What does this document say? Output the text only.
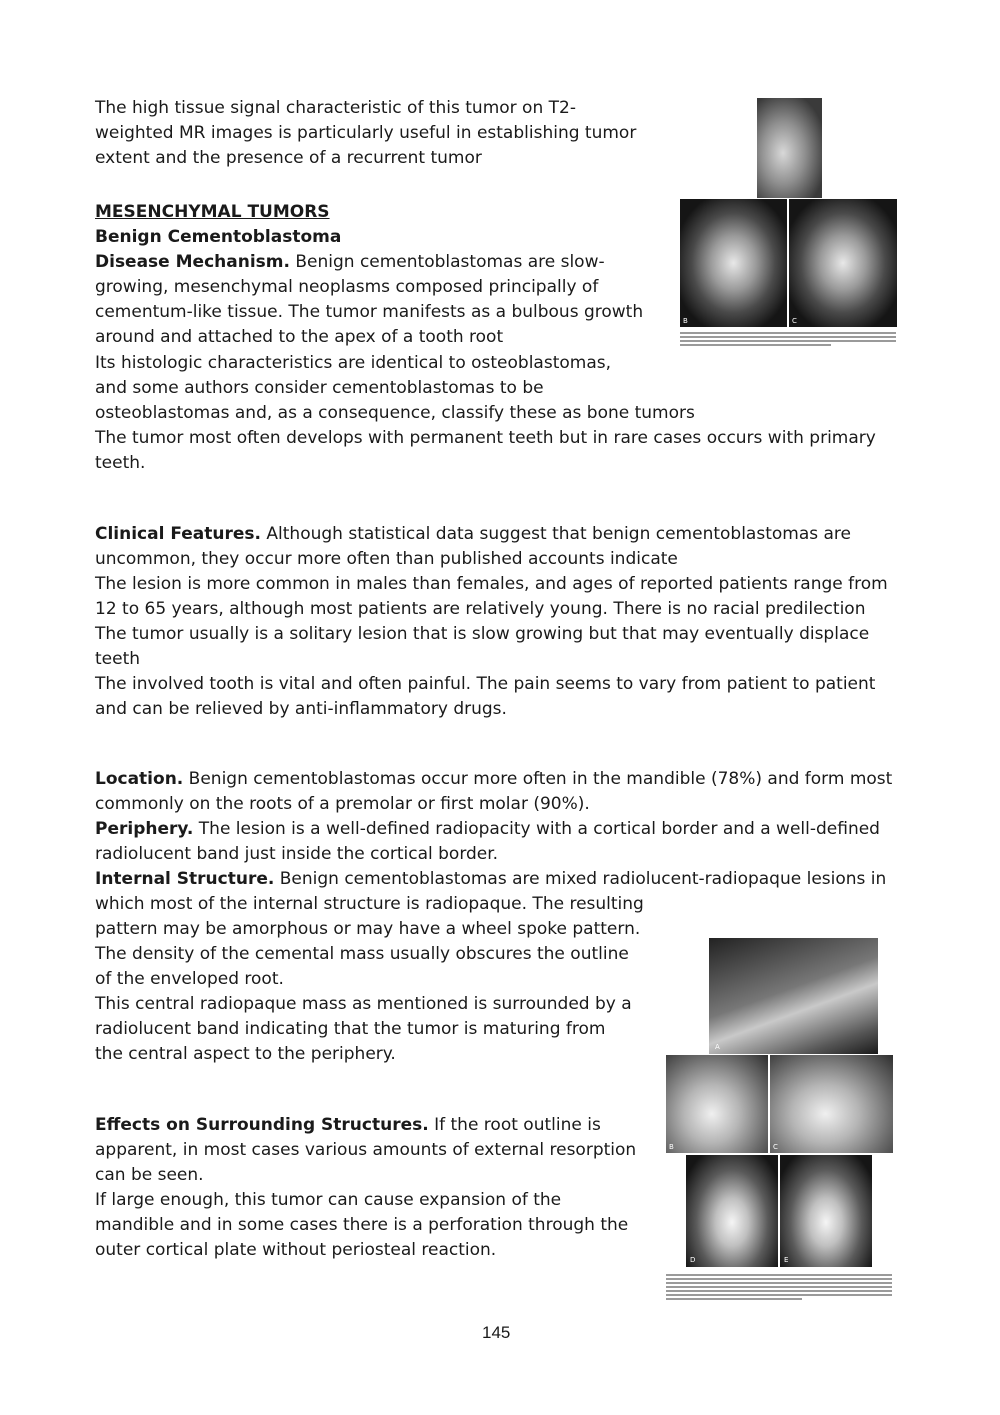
The high tissue signal characteristic of this tumor on T2-
weighted MR images is particularly useful in establishing tumor
extent and the presence of a recurrent tumor
MESENCHYMAL TUMORS
Benign Cementoblastoma
Disease Mechanism. Benign cementoblastomas are slow-
growing, mesenchymal neoplasms composed principally of
cementum-like tissue. The tumor manifests as a bulbous growth
around and attached to the apex of a tooth root
Its histologic characteristics are identical to osteoblastomas,
and some authors consider cementoblastomas to be
osteoblastomas and, as a consequence, classify these as bone tumors
The tumor most often develops with permanent teeth but in rare cases occurs with primary
teeth.
Clinical Features. Although statistical data suggest that benign cementoblastomas are
uncommon, they occur more often than published accounts indicate
The lesion is more common in males than females, and ages of reported patients range from
12 to 65 years, although most patients are relatively young. There is no racial predilection
The tumor usually is a solitary lesion that is slow growing but that may eventually displace
teeth
The involved tooth is vital and often painful. The pain seems to vary from patient to patient
and can be relieved by anti-inflammatory drugs.
Location. Benign cementoblastomas occur more often in the mandible (78%) and form most
commonly on the roots of a premolar or first molar (90%).
Periphery. The lesion is a well-defined radiopacity with a cortical border and a well-defined
radiolucent band just inside the cortical border.
Internal Structure. Benign cementoblastomas are mixed radiolucent-radiopaque lesions in
which most of the internal structure is radiopaque. The resulting
pattern may be amorphous or may have a wheel spoke pattern.
The density of the cemental mass usually obscures the outline
of the enveloped root.
This central radiopaque mass as mentioned is surrounded by a
radiolucent band indicating that the tumor is maturing from
the central aspect to the periphery.
Effects on Surrounding Structures. If the root outline is
apparent, in most cases various amounts of external resorption
can be seen.
If large enough, this tumor can cause expansion of the
mandible and in some cases there is a perforation through the
outer cortical plate without periosteal reaction.
B	C
A
B	C
D	E
145
